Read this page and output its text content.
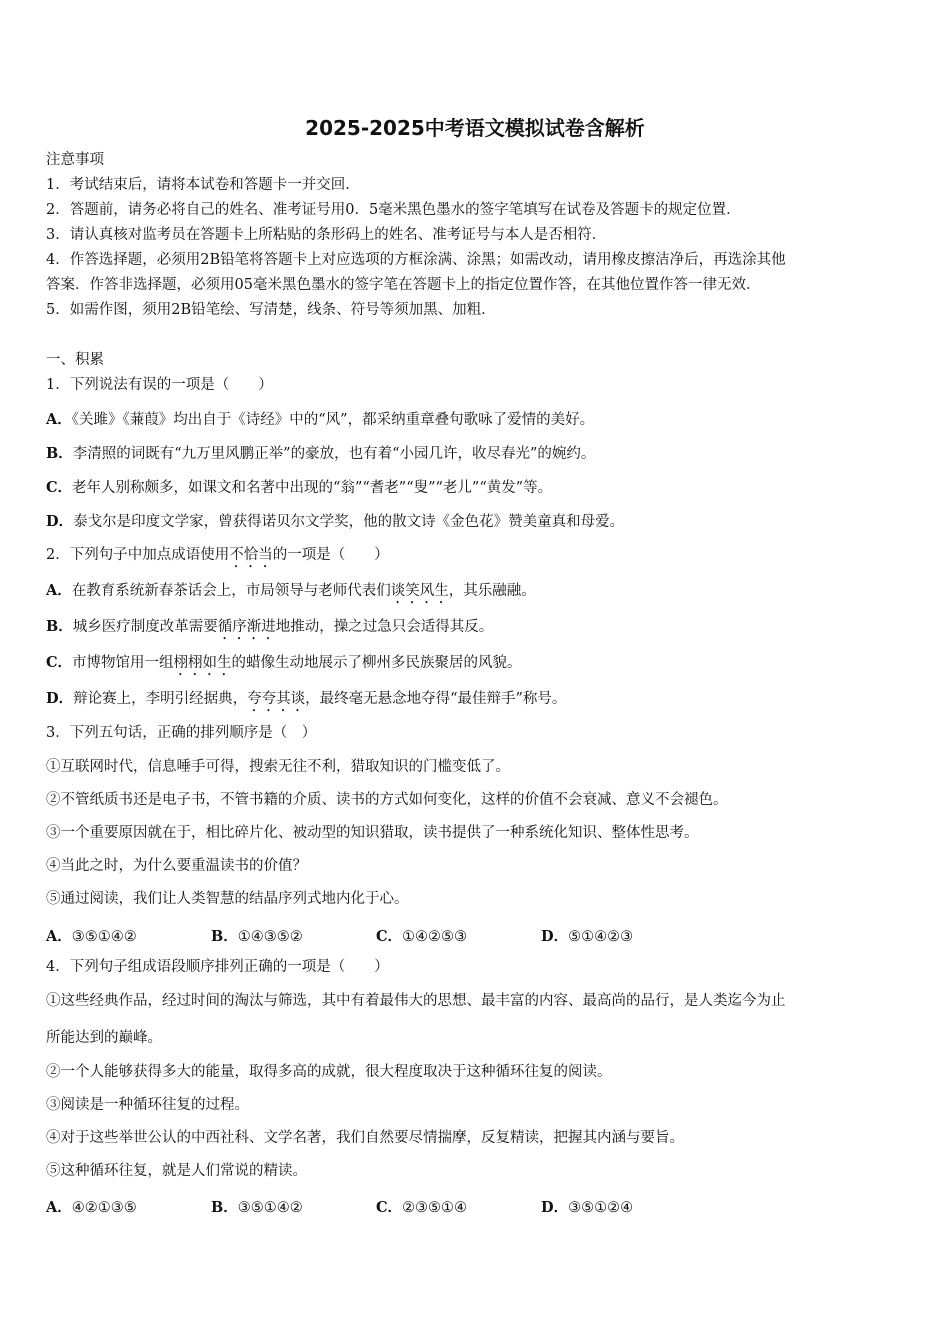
2025-2025中考语文模拟试卷含解析
注意事项
1．考试结束后，请将本试卷和答题卡一并交回．
2．答题前，请务必将自己的姓名、准考证号用0．5毫米黑色墨水的签字笔填写在试卷及答题卡的规定位置．
3．请认真核对监考员在答题卡上所粘贴的条形码上的姓名、准考证号与本人是否相符．
4．作答选择题，必须用2B铅笔将答题卡上对应选项的方框涂满、涂黑；如需改动，请用橡皮擦洁净后，再选涂其他
答案．作答非选择题，必须用05毫米黑色墨水的签字笔在答题卡上的指定位置作答，在其他位置作答一律无效．
5．如需作图，须用2B铅笔绘、写清楚，线条、符号等须加黑、加粗．
一、积累
1．下列说法有误的一项是（　　）
A．《关雎》《蒹葭》均出自于《诗经》中的“风”，都采纳重章叠句歌咏了爱情的美好。
B．李清照的词既有“九万里风鹏正举”的豪放，也有着“小园几许，收尽春光”的婉约。
C．老年人别称颇多，如课文和名著中出现的“翁”“耆老”“叟”“老儿”“黄发”等。
D．泰戈尔是印度文学家，曾获得诺贝尔文学奖，他的散文诗《金色花》赞美童真和母爱。
2．下列句子中加点成语使用不恰当的一项是（　　）
A．在教育系统新春茶话会上，市局领导与老师代表们谈笑风生，其乐融融。
B．城乡医疗制度改革需要循序渐进地推动，操之过急只会适得其反。
C．市博物馆用一组栩栩如生的蜡像生动地展示了柳州多民族聚居的风貌。
D．辩论赛上，李明引经据典，夸夸其谈，最终毫无悬念地夺得“最佳辩手”称号。
3．下列五句话，正确的排列顺序是（　）
①互联网时代，信息唾手可得，搜索无往不利，猎取知识的门槛变低了。
②不管纸质书还是电子书，不管书籍的介质、读书的方式如何变化，这样的价值不会衰减、意义不会褪色。
③一个重要原因就在于，相比碎片化、被动型的知识猎取，读书提供了一种系统化知识、整体性思考。
④当此之时，为什么要重温读书的价值？
⑤通过阅读，我们让人类智慧的结晶序列式地内化于心。
A．③⑤①④②	B．①④③⑤②	C．①④②⑤③	D．⑤①④②③
4．下列句子组成语段顺序排列正确的一项是（　　）
①这些经典作品，经过时间的淘汰与筛选，其中有着最伟大的思想、最丰富的内容、最高尚的品行，是人类迄今为止
所能达到的巅峰。
②一个人能够获得多大的能量，取得多高的成就，很大程度取决于这种循环往复的阅读。
③阅读是一种循环往复的过程。
④对于这些举世公认的中西社科、文学名著，我们自然要尽情揣摩，反复精读，把握其内涵与要旨。
⑤这种循环往复，就是人们常说的精读。
A．④②①③⑤	B．③⑤①④②	C．②③⑤①④	D．③⑤①②④
